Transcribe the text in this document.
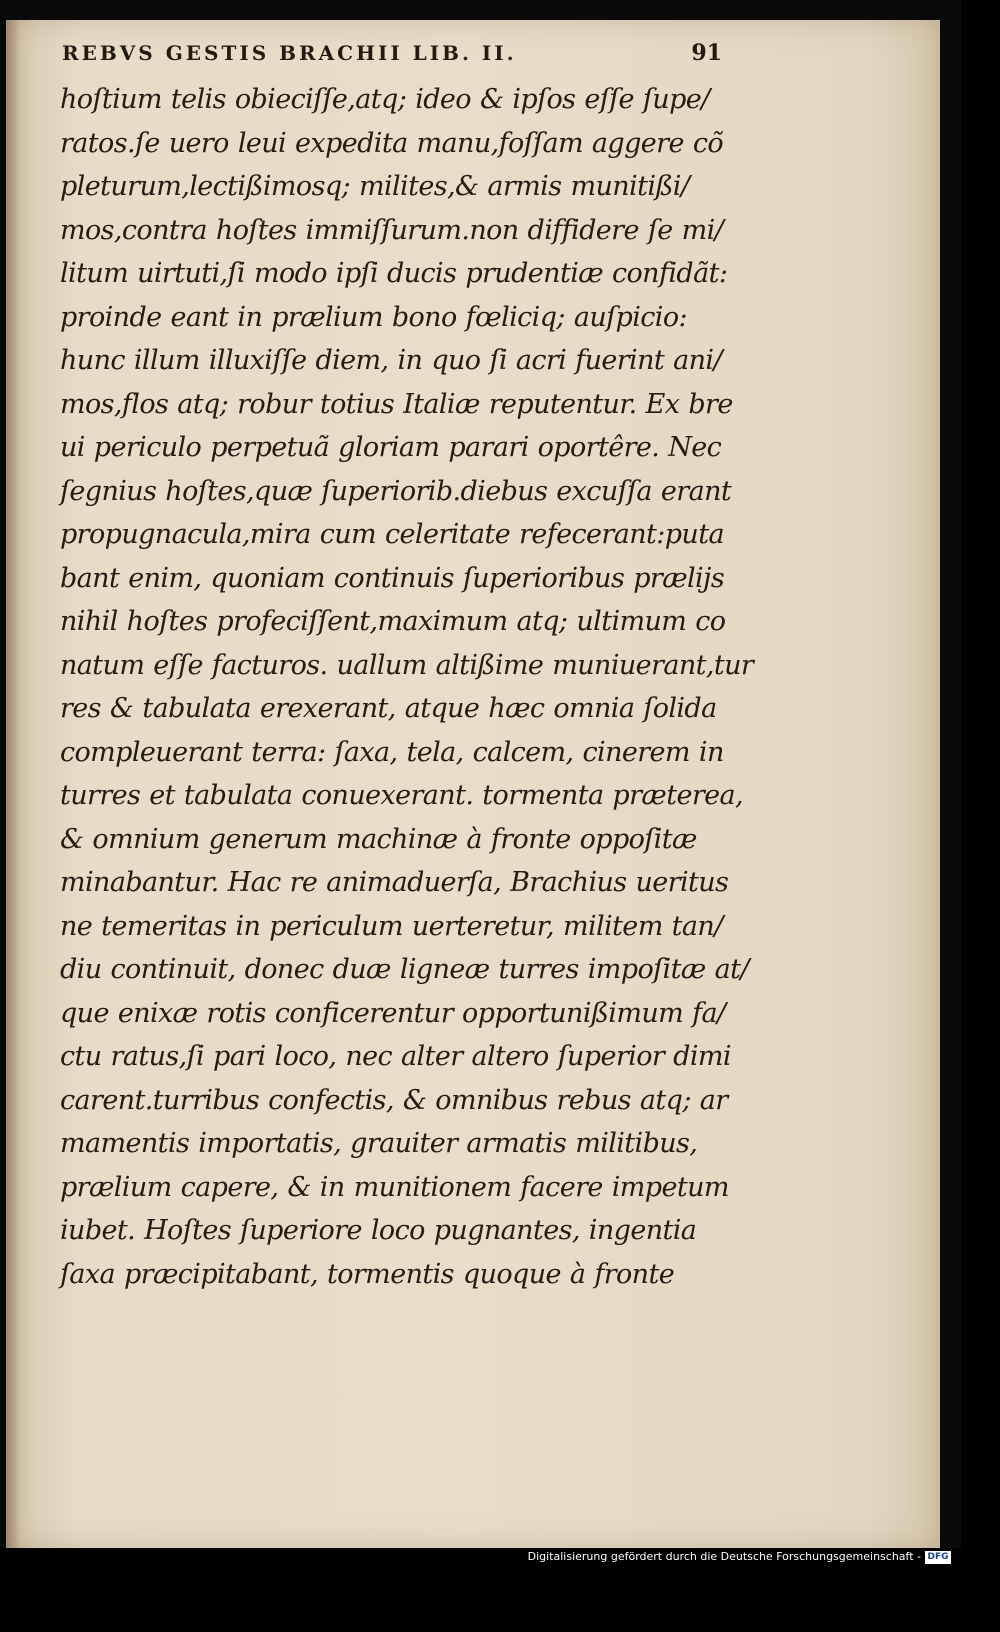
REBVS GESTIS BRACHII LIB. II.	91
hoſtium telis obieciſſe,atq; ideo & ipſos eſſe ſupe/
ratos.ſe uero leui expedita manu,foſſam aggere cõ
pleturum,lectißimosq; milites,& armis munitißi/
mos,contra hoſtes immiſſurum.non diffidere ſe mi/
litum uirtuti,ſi modo ipſi ducis prudentiæ confidãt:
proinde eant in prælium bono fœliciq; auſpicio:
hunc illum illuxiſſe diem, in quo ſi acri fuerint ani/
mos,flos atq; robur totius Italiæ reputentur. Ex bre
ui periculo perpetuã gloriam parari oportêre. Nec
ſegnius hoſtes,quæ ſuperiorib.diebus excuſſa erant
propugnacula,mira cum celeritate refecerant:puta
bant enim, quoniam continuis ſuperioribus prælijs
nihil hoſtes profeciſſent,maximum atq; ultimum co
natum eſſe facturos. uallum altißime muniuerant,tur
res & tabulata erexerant, atque hæc omnia ſolida
compleuerant terra: ſaxa, tela, calcem, cinerem in
turres et tabulata conuexerant. tormenta præterea,
& omnium generum machinæ à fronte oppoſitæ
minabantur. Hac re animaduerſa, Brachius ueritus
ne temeritas in periculum uerteretur, militem tan/
diu continuit, donec duæ ligneæ turres impoſitæ at/
que enixæ rotis conficerentur opportunißimum fa/
ctu ratus,ſi pari loco, nec alter altero ſuperior dimi
carent.turribus confectis, & omnibus rebus atq; ar
mamentis importatis, grauiter armatis militibus,
prælium capere, & in munitionem facere impetum
iubet. Hoſtes ſuperiore loco pugnantes, ingentia
ſaxa præcipitabant, tormentis quoque à fronte
Digitalisierung gefördert durch die Deutsche Forschungsgemeinschaft - DFG
